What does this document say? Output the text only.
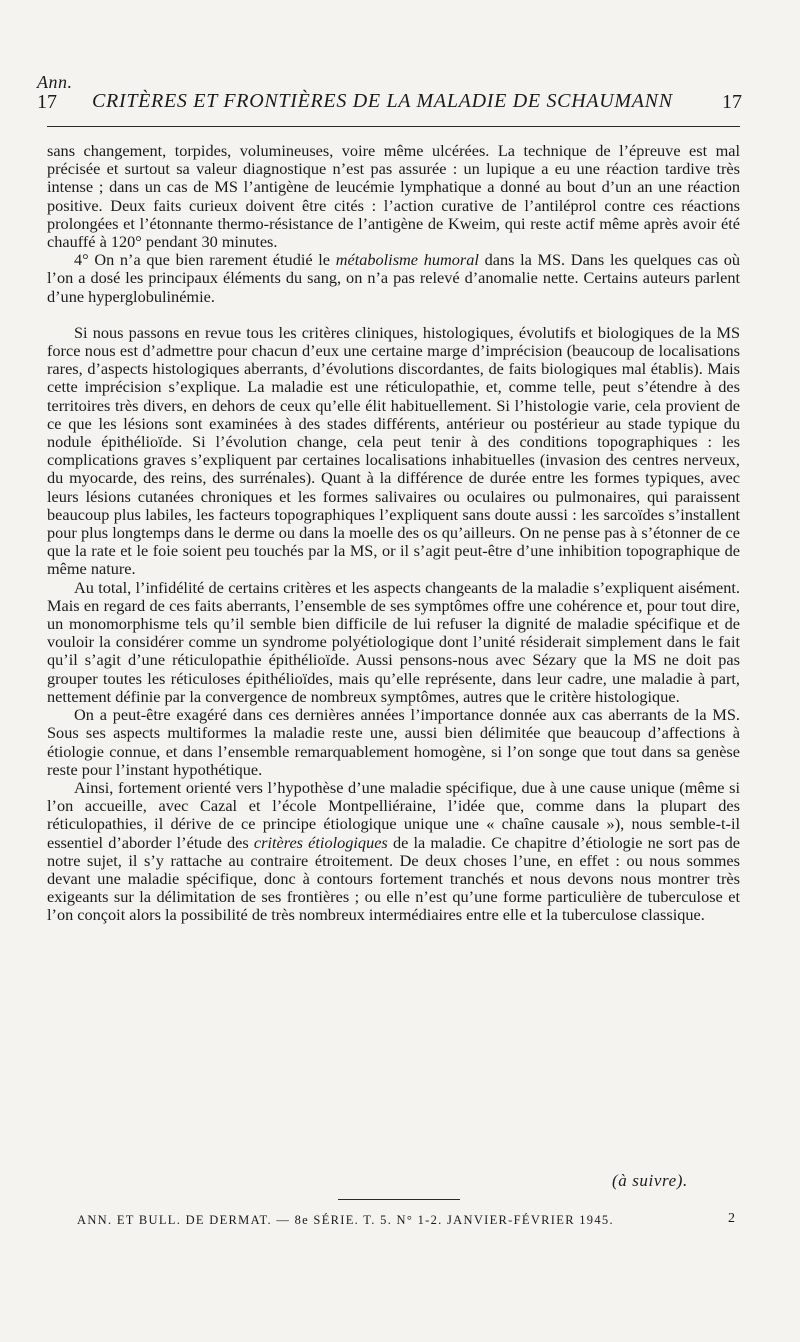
Ann.
17 CRITÈRES ET FRONTIÈRES DE LA MALADIE DE SCHAUMANN	17

sans changement, torpides, volumineuses, voire même ulcérées. La technique de l’épreuve est mal précisée et surtout sa valeur diagnostique n’est pas assurée : un lupique a eu une réaction tardive très intense ; dans un cas de MS l’antigène de leucémie lymphatique a donné au bout d’un an une réaction positive. Deux faits curieux doivent être cités : l’action curative de l’antiléprol contre ces réactions prolongées et l’étonnante thermo-résistance de l’antigène de Kweim, qui reste actif même après avoir été chauffé à 120° pendant 30 minutes.

4° On n’a que bien rarement étudié le métabolisme humoral dans la MS. Dans les quelques cas où l’on a dosé les principaux éléments du sang, on n’a pas relevé d’anomalie nette. Certains auteurs parlent d’une hyperglobulinémie.

Si nous passons en revue tous les critères cliniques, histologiques, évolutifs et biologiques de la MS force nous est d’admettre pour chacun d’eux une certaine marge d’imprécision (beaucoup de localisations rares, d’aspects histologiques aberrants, d’évolutions discordantes, de faits biologiques mal établis). Mais cette imprécision s’explique. La maladie est une réticulopathie, et, comme telle, peut s’étendre à des territoires très divers, en dehors de ceux qu’elle élit habituellement. Si l’histologie varie, cela provient de ce que les lésions sont examinées à des stades différents, antérieur ou postérieur au stade typique du nodule épithélioïde. Si l’évolution change, cela peut tenir à des conditions topographiques : les complications graves s’expliquent par certaines localisations inhabituelles (invasion des centres nerveux, du myocarde, des reins, des surrénales). Quant à la différence de durée entre les formes typiques, avec leurs lésions cutanées chroniques et les formes salivaires ou oculaires ou pulmonaires, qui paraissent beaucoup plus labiles, les facteurs topographiques l’expliquent sans doute aussi : les sarcoïdes s’installent pour plus longtemps dans le derme ou dans la moelle des os qu’ailleurs. On ne pense pas à s’étonner de ce que la rate et le foie soient peu touchés par la MS, or il s’agit peut-être d’une inhibition topographique de même nature.

Au total, l’infidélité de certains critères et les aspects changeants de la maladie s’expliquent aisément. Mais en regard de ces faits aberrants, l’ensemble de ses symptômes offre une cohérence et, pour tout dire, un monomorphisme tels qu’il semble bien difficile de lui refuser la dignité de maladie spécifique et de vouloir la considérer comme un syndrome polyétiologique dont l’unité résiderait simplement dans le fait qu’il s’agit d’une réticulopathie épithélioïde. Aussi pensons-nous avec Sézary que la MS ne doit pas grouper toutes les réticuloses épithélioïdes, mais qu’elle représente, dans leur cadre, une maladie à part, nettement définie par la convergence de nombreux symptômes, autres que le critère histologique.

On a peut-être exagéré dans ces dernières années l’importance donnée aux cas aberrants de la MS. Sous ses aspects multiformes la maladie reste une, aussi bien délimitée que beaucoup d’affections à étiologie connue, et dans l’ensemble remarquablement homogène, si l’on songe que tout dans sa genèse reste pour l’instant hypothétique.

Ainsi, fortement orienté vers l’hypothèse d’une maladie spécifique, due à une cause unique (même si l’on accueille, avec Cazal et l’école Montpelliéraine, l’idée que, comme dans la plupart des réticulopathies, il dérive de ce principe étiologique unique une « chaîne causale »), nous semble-t-il essentiel d’aborder l’étude des critères étiologiques de la maladie. Ce chapitre d’étiologie ne sort pas de notre sujet, il s’y rattache au contraire étroitement. De deux choses l’une, en effet : ou nous sommes devant une maladie spécifique, donc à contours fortement tranchés et nous devons nous montrer très exigeants sur la délimitation de ses frontières ; ou elle n’est qu’une forme particulière de tuberculose et l’on conçoit alors la possibilité de très nombreux intermédiaires entre elle et la tuberculose classique.

(à suivre).
ANN. ET BULL. DE DERMAT. — 8e SÉRIE. T. 5. N° 1-2. JANVIER-FÉVRIER 1945.	2
